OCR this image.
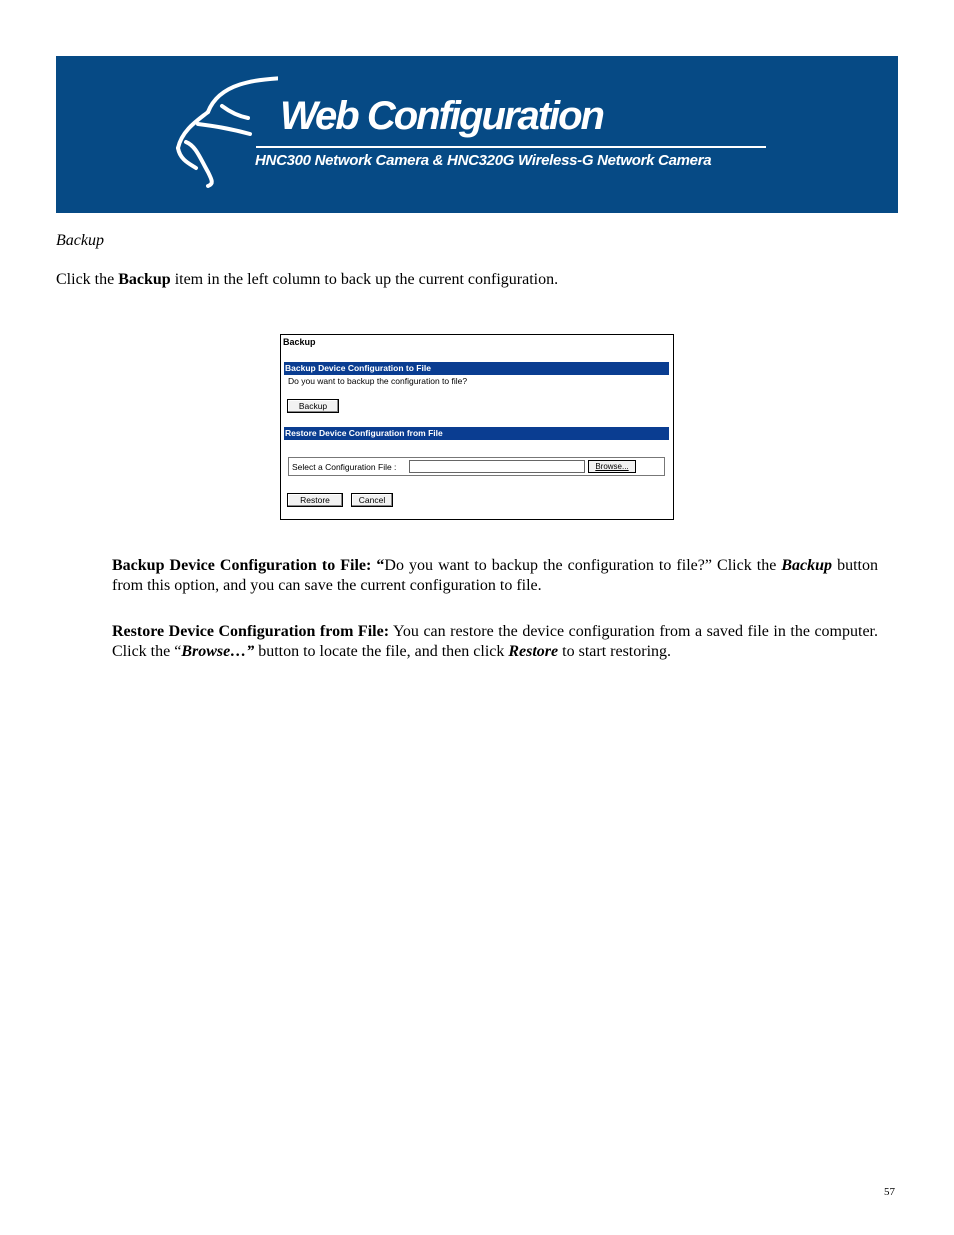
Web Configuration
HNC300 Network Camera & HNC320G Wireless-G Network Camera
Backup
Click the Backup item in the left column to back up the current configuration.
Backup
Backup Device Configuration to File
Do you want to backup the configuration to file?
Backup
Restore Device Configuration from File
Select a Configuration File :	Browse...
Restore	Cancel
Backup Device Configuration to File: “Do you want to backup the configuration to file?” Click the Backup button from this option, and you can save the current configuration to file.
Restore Device Configuration from File: You can restore the device configuration from a saved file in the computer. Click the “Browse…” button to locate the file, and then click Restore to start restoring.
57
